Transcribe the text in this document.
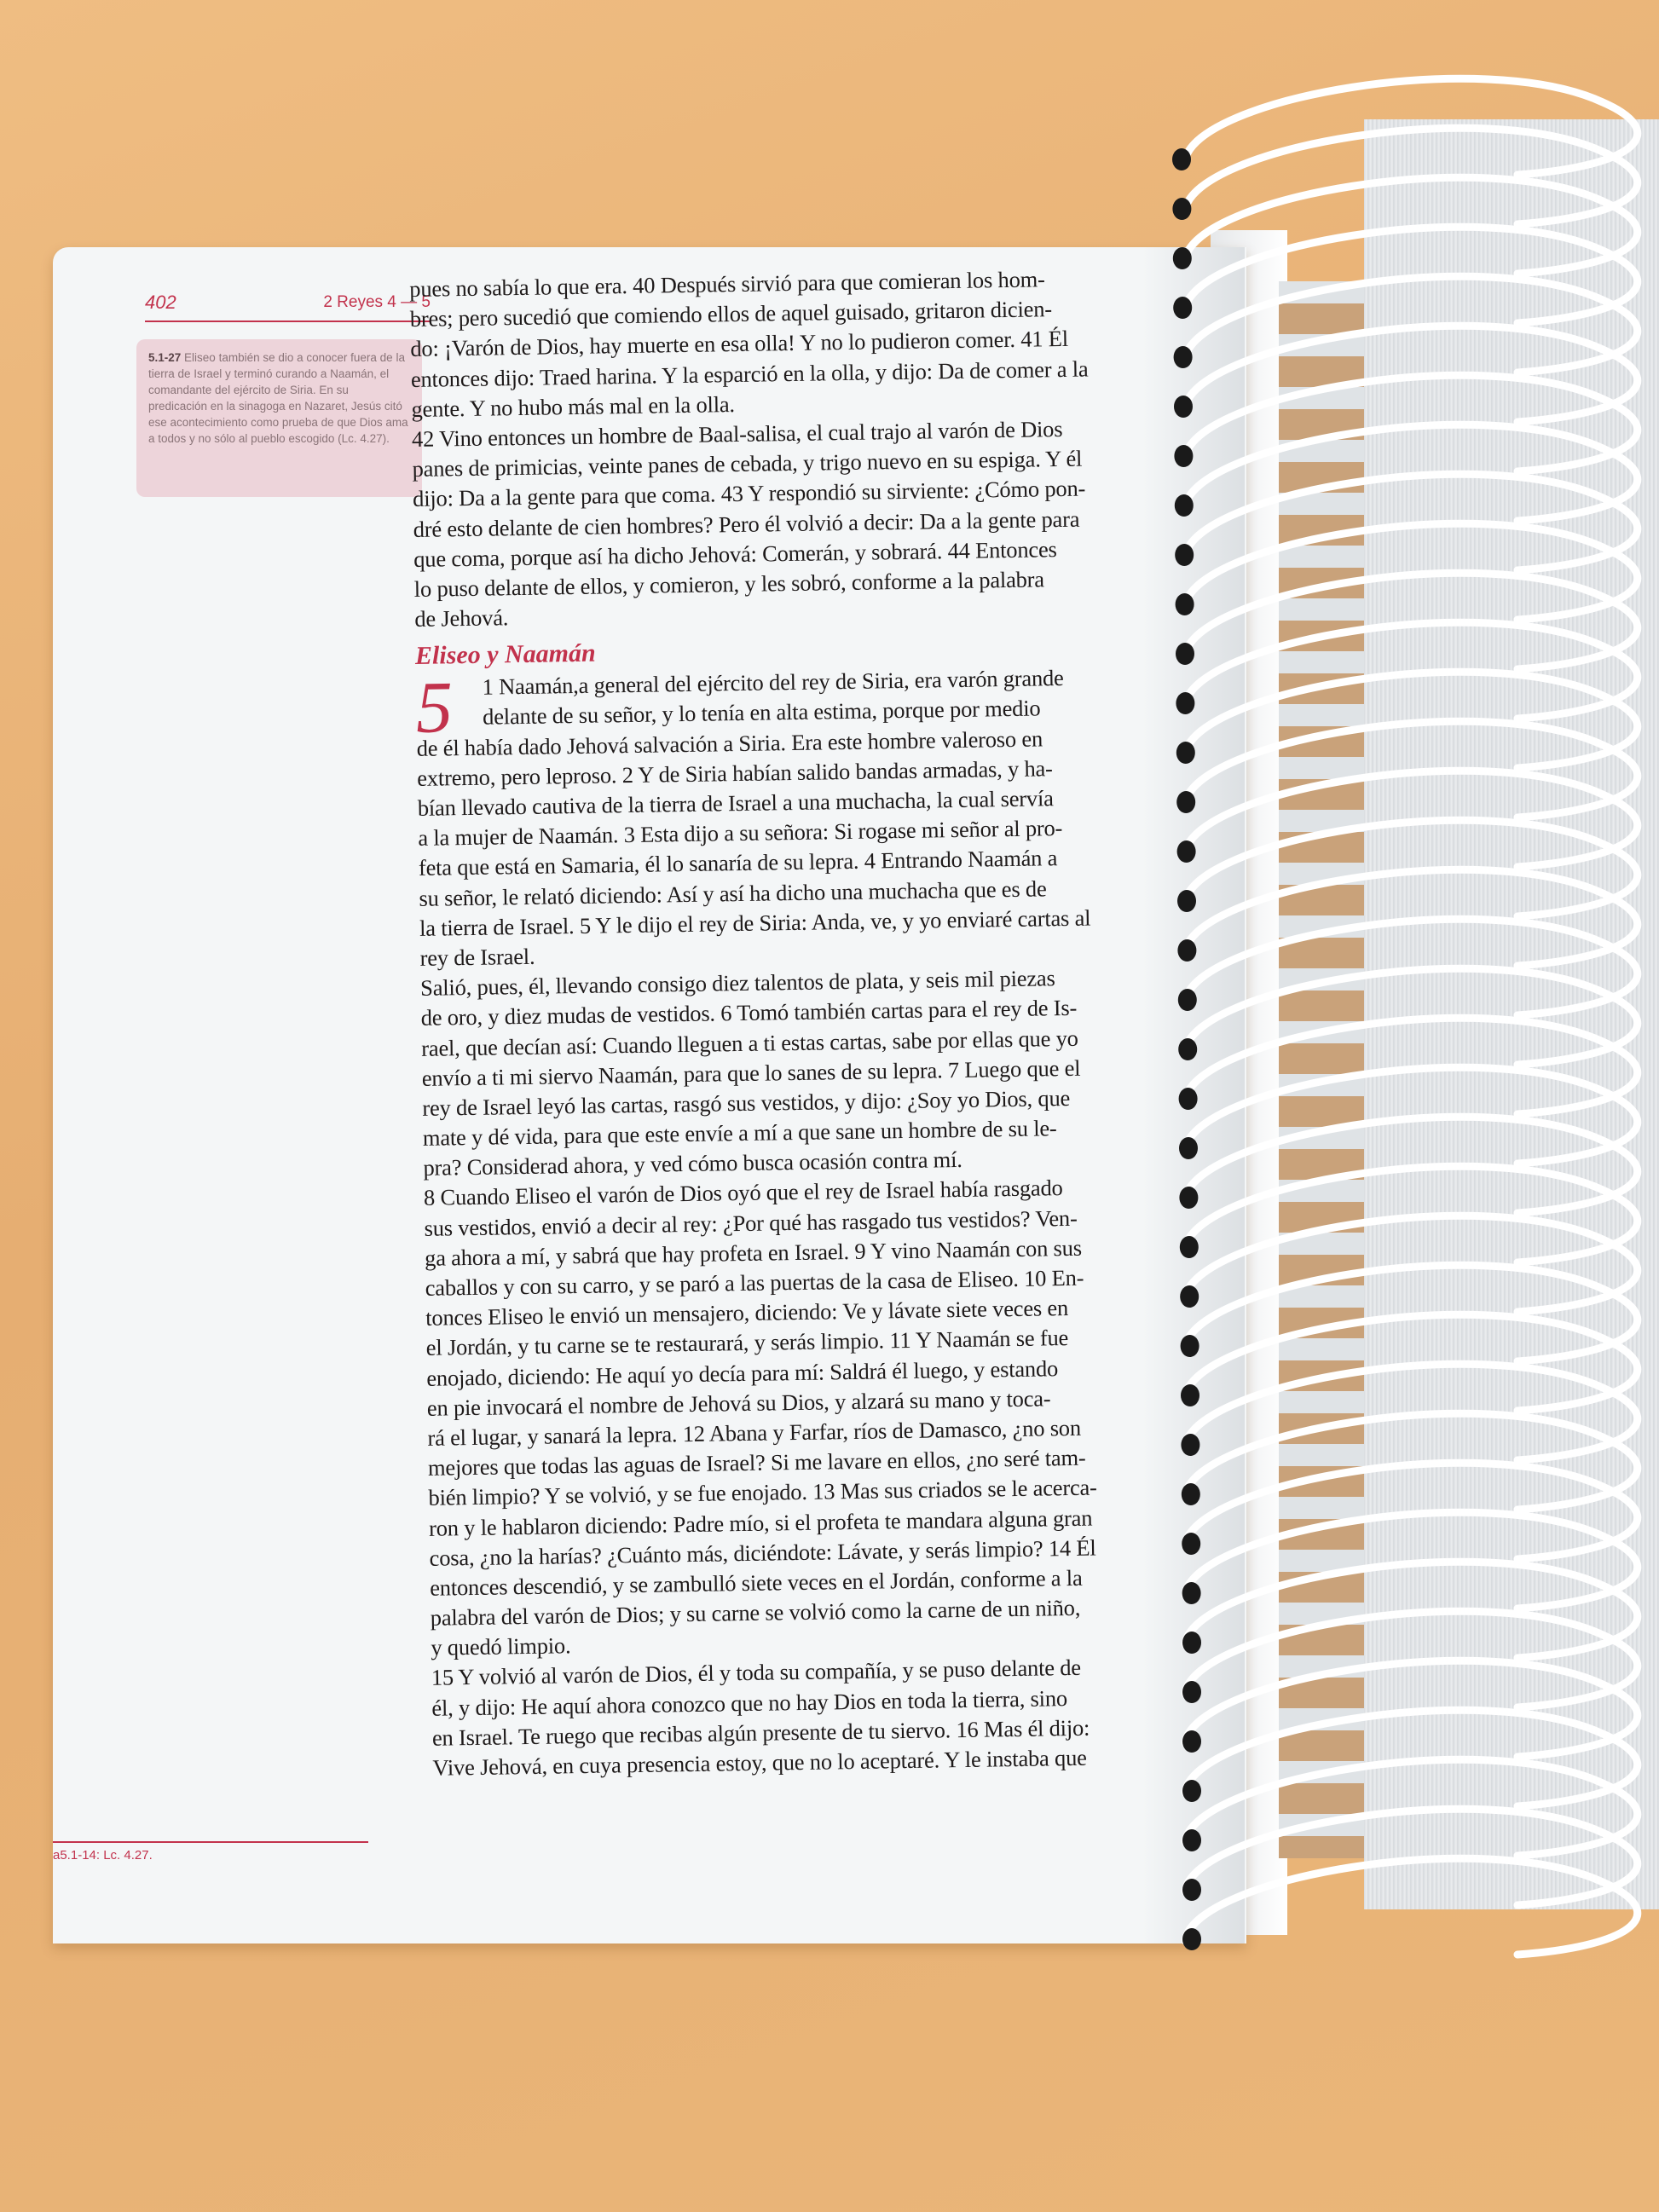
402	2 Reyes 4 — 5
5.1-27 Eliseo también se dio a conocer fuera de la tierra de Israel y terminó curando a Naamán, el comandante del ejército de Siria. En su predicación en la sinagoga en Nazaret, Jesús citó ese acontecimiento como prueba de que Dios ama a todos y no sólo al pueblo escogido (Lc. 4.27).
pues no sabía lo que era. 40 Después sirvió para que comieran los hom-
bres; pero sucedió que comiendo ellos de aquel guisado, gritaron dicien-
do: ¡Varón de Dios, hay muerte en esa olla! Y no lo pudieron comer. 41 Él
entonces dijo: Traed harina. Y la esparció en la olla, y dijo: Da de comer a la
gente. Y no hubo más mal en la olla.
42 Vino entonces un hombre de Baal-salisa, el cual trajo al varón de Dios
panes de primicias, veinte panes de cebada, y trigo nuevo en su espiga. Y él
dijo: Da a la gente para que coma. 43 Y respondió su sirviente: ¿Cómo pon-
dré esto delante de cien hombres? Pero él volvió a decir: Da a la gente para
que coma, porque así ha dicho Jehová: Comerán, y sobrará. 44 Entonces
lo puso delante de ellos, y comieron, y les sobró, conforme a la palabra
de Jehová.
Eliseo y Naamán
5 1 Naamán,a general del ejército del rey de Siria, era varón grande
delante de su señor, y lo tenía en alta estima, porque por medio
de él había dado Jehová salvación a Siria. Era este hombre valeroso en
extremo, pero leproso. 2 Y de Siria habían salido bandas armadas, y ha-
bían llevado cautiva de la tierra de Israel a una muchacha, la cual servía
a la mujer de Naamán. 3 Esta dijo a su señora: Si rogase mi señor al pro-
feta que está en Samaria, él lo sanaría de su lepra. 4 Entrando Naamán a
su señor, le relató diciendo: Así y así ha dicho una muchacha que es de
la tierra de Israel. 5 Y le dijo el rey de Siria: Anda, ve, y yo enviaré cartas al
rey de Israel.
Salió, pues, él, llevando consigo diez talentos de plata, y seis mil piezas
de oro, y diez mudas de vestidos. 6 Tomó también cartas para el rey de Is-
rael, que decían así: Cuando lleguen a ti estas cartas, sabe por ellas que yo
envío a ti mi siervo Naamán, para que lo sanes de su lepra. 7 Luego que el
rey de Israel leyó las cartas, rasgó sus vestidos, y dijo: ¿Soy yo Dios, que
mate y dé vida, para que este envíe a mí a que sane un hombre de su le-
pra? Considerad ahora, y ved cómo busca ocasión contra mí.
8 Cuando Eliseo el varón de Dios oyó que el rey de Israel había rasgado
sus vestidos, envió a decir al rey: ¿Por qué has rasgado tus vestidos? Ven-
ga ahora a mí, y sabrá que hay profeta en Israel. 9 Y vino Naamán con sus
caballos y con su carro, y se paró a las puertas de la casa de Eliseo. 10 En-
tonces Eliseo le envió un mensajero, diciendo: Ve y lávate siete veces en
el Jordán, y tu carne se te restaurará, y serás limpio. 11 Y Naamán se fue
enojado, diciendo: He aquí yo decía para mí: Saldrá él luego, y estando
en pie invocará el nombre de Jehová su Dios, y alzará su mano y toca-
rá el lugar, y sanará la lepra. 12 Abana y Farfar, ríos de Damasco, ¿no son
mejores que todas las aguas de Israel? Si me lavare en ellos, ¿no seré tam-
bién limpio? Y se volvió, y se fue enojado. 13 Mas sus criados se le acerca-
ron y le hablaron diciendo: Padre mío, si el profeta te mandara alguna gran
cosa, ¿no la harías? ¿Cuánto más, diciéndote: Lávate, y serás limpio? 14 Él
entonces descendió, y se zambulló siete veces en el Jordán, conforme a la
palabra del varón de Dios; y su carne se volvió como la carne de un niño,
y quedó limpio.
15 Y volvió al varón de Dios, él y toda su compañía, y se puso delante de
él, y dijo: He aquí ahora conozco que no hay Dios en toda la tierra, sino
en Israel. Te ruego que recibas algún presente de tu siervo. 16 Mas él dijo:
Vive Jehová, en cuya presencia estoy, que no lo aceptaré. Y le instaba que
a5.1-14: Lc. 4.27.
